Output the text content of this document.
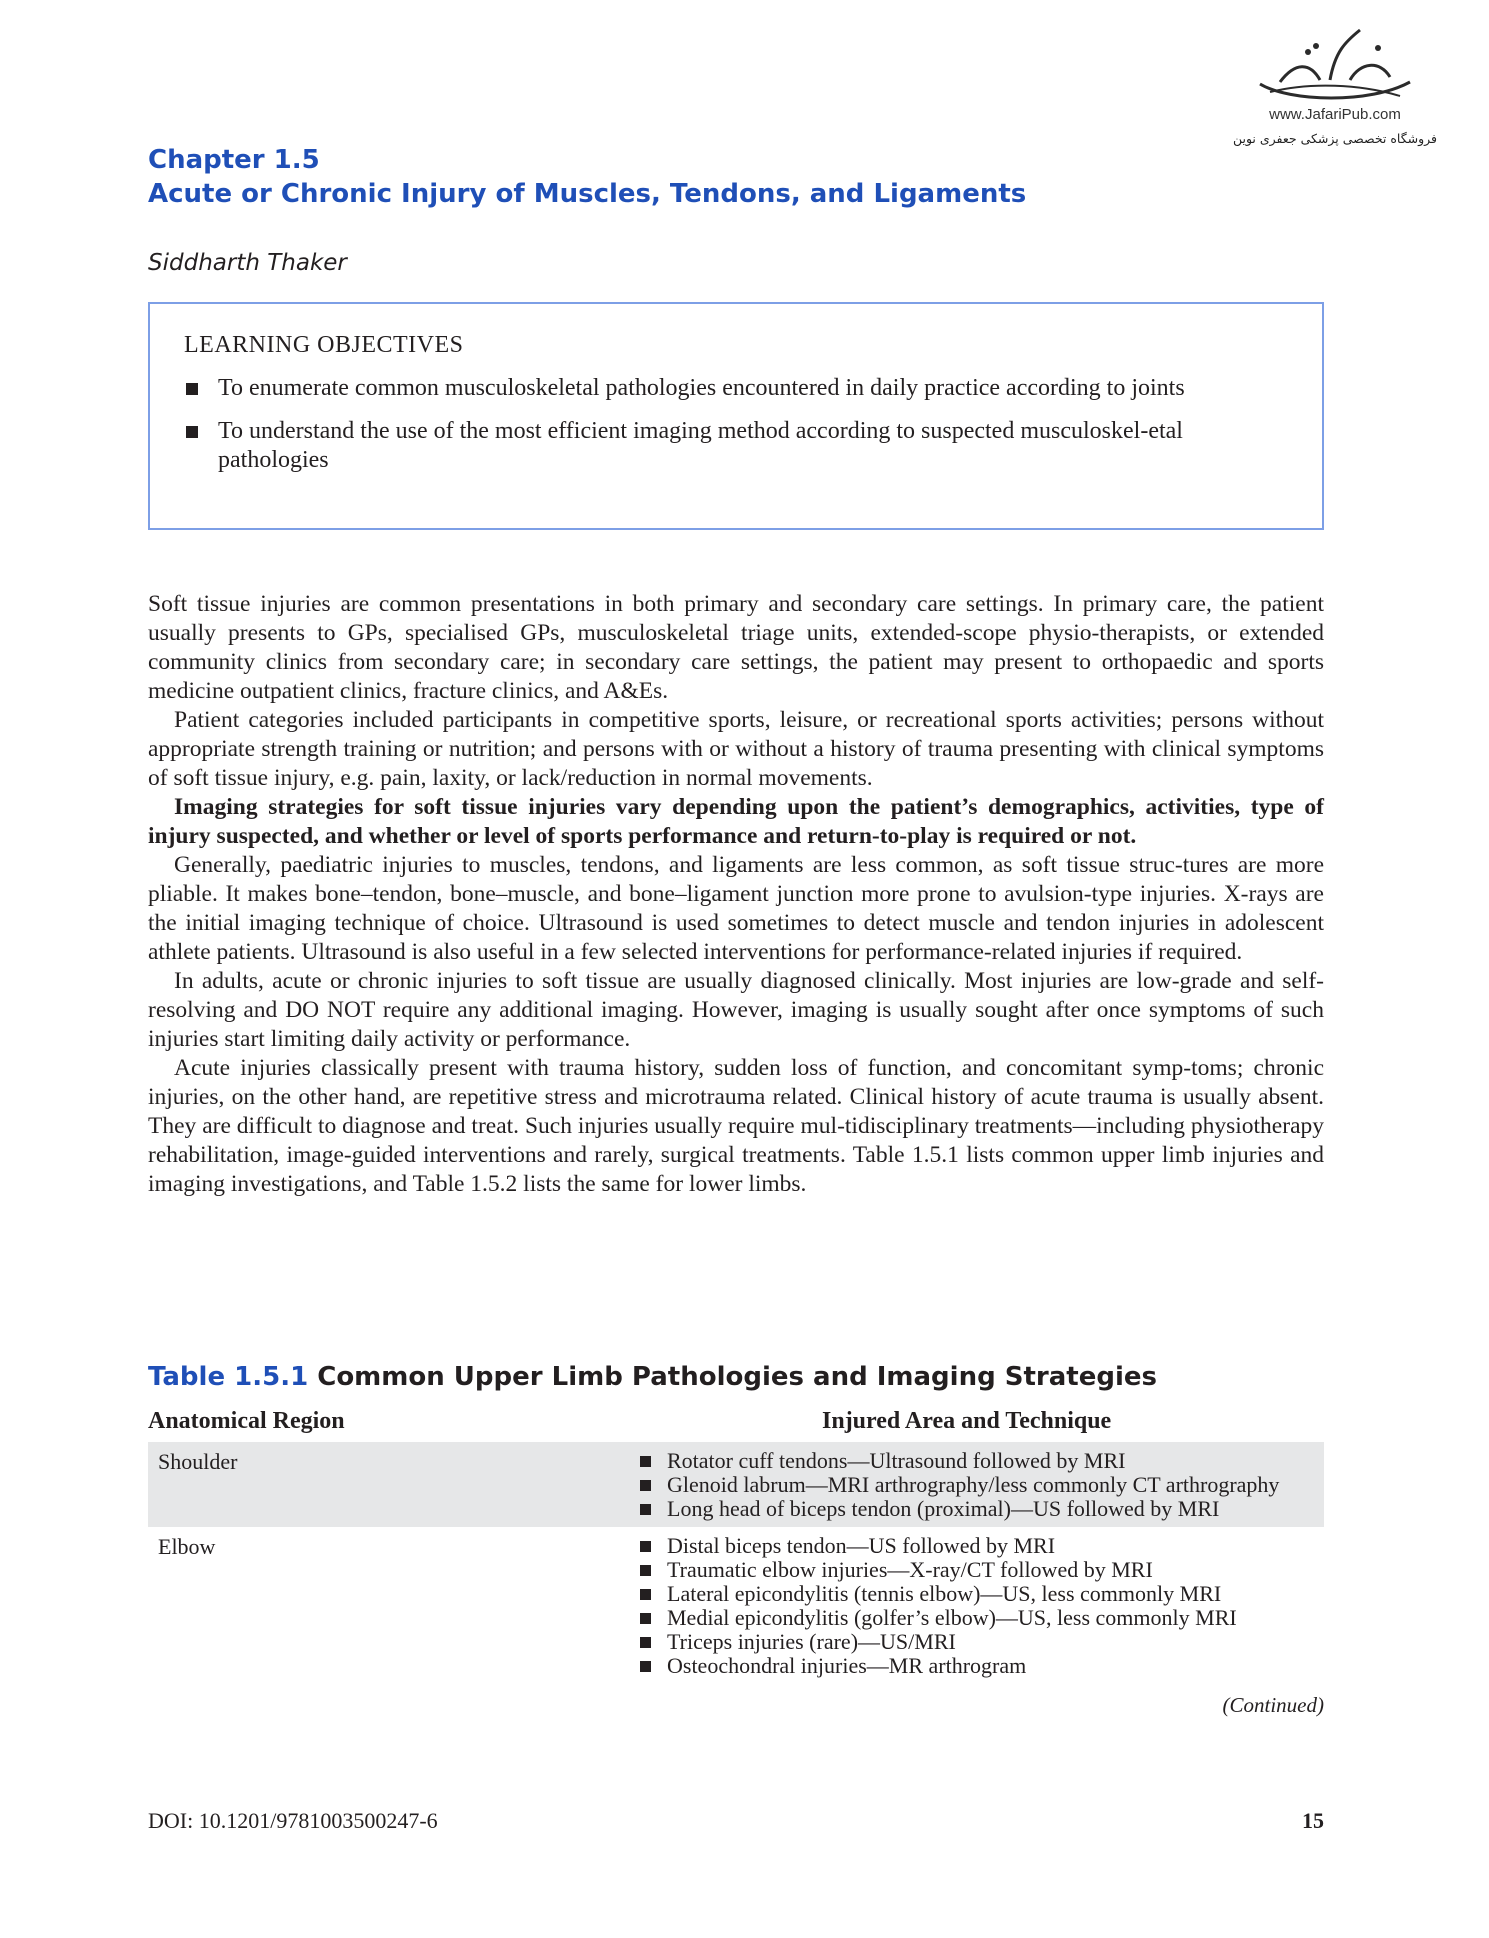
www.JafariPub.com
فروشگاه تخصصی پزشکی جعفری نوین
Chapter 1.5
Acute or Chronic Injury of Muscles, Tendons, and Ligaments
Siddharth Thaker
LEARNING OBJECTIVES
To enumerate common musculoskeletal pathologies encountered in daily practice according to joints
To understand the use of the most efficient imaging method according to suspected musculoskel-etal pathologies

Soft tissue injuries are common presentations in both primary and secondary care settings. In primary care, the patient usually presents to GPs, specialised GPs, musculoskeletal triage units, extended-scope physio-therapists, or extended community clinics from secondary care; in secondary care settings, the patient may present to orthopaedic and sports medicine outpatient clinics, fracture clinics, and A&Es.

Patient categories included participants in competitive sports, leisure, or recreational sports activities; persons without appropriate strength training or nutrition; and persons with or without a history of trauma presenting with clinical symptoms of soft tissue injury, e.g. pain, laxity, or lack/reduction in normal movements.

Imaging strategies for soft tissue injuries vary depending upon the patient’s demographics, activities, type of injury suspected, and whether or level of sports performance and return-to-play is required or not.

Generally, paediatric injuries to muscles, tendons, and ligaments are less common, as soft tissue struc-tures are more pliable. It makes bone–tendon, bone–muscle, and bone–ligament junction more prone to avulsion-type injuries. X-rays are the initial imaging technique of choice. Ultrasound is used sometimes to detect muscle and tendon injuries in adolescent athlete patients. Ultrasound is also useful in a few selected interventions for performance-related injuries if required.

In adults, acute or chronic injuries to soft tissue are usually diagnosed clinically. Most injuries are low-grade and self-resolving and DO NOT require any additional imaging. However, imaging is usually sought after once symptoms of such injuries start limiting daily activity or performance.

Acute injuries classically present with trauma history, sudden loss of function, and concomitant symp-toms; chronic injuries, on the other hand, are repetitive stress and microtrauma related. Clinical history of acute trauma is usually absent. They are difficult to diagnose and treat. Such injuries usually require mul-tidisciplinary treatments—including physiotherapy rehabilitation, image-guided interventions and rarely, surgical treatments. Table 1.5.1 lists common upper limb injuries and imaging investigations, and Table 1.5.2 lists the same for lower limbs.

Table 1.5.1 Common Upper Limb Pathologies and Imaging Strategies
Anatomical Region	Injured Area and Technique
Shoulder	Rotator cuff tendons—Ultrasound followed by MRI
Glenoid labrum—MRI arthrography/less commonly CT arthrography
Long head of biceps tendon (proximal)—US followed by MRI
Elbow	Distal biceps tendon—US followed by MRI
Traumatic elbow injuries—X-ray/CT followed by MRI
Lateral epicondylitis (tennis elbow)—US, less commonly MRI
Medial epicondylitis (golfer’s elbow)—US, less commonly MRI
Triceps injuries (rare)—US/MRI
Osteochondral injuries—MR arthrogram
(Continued)
DOI: 10.1201/9781003500247-6	15
